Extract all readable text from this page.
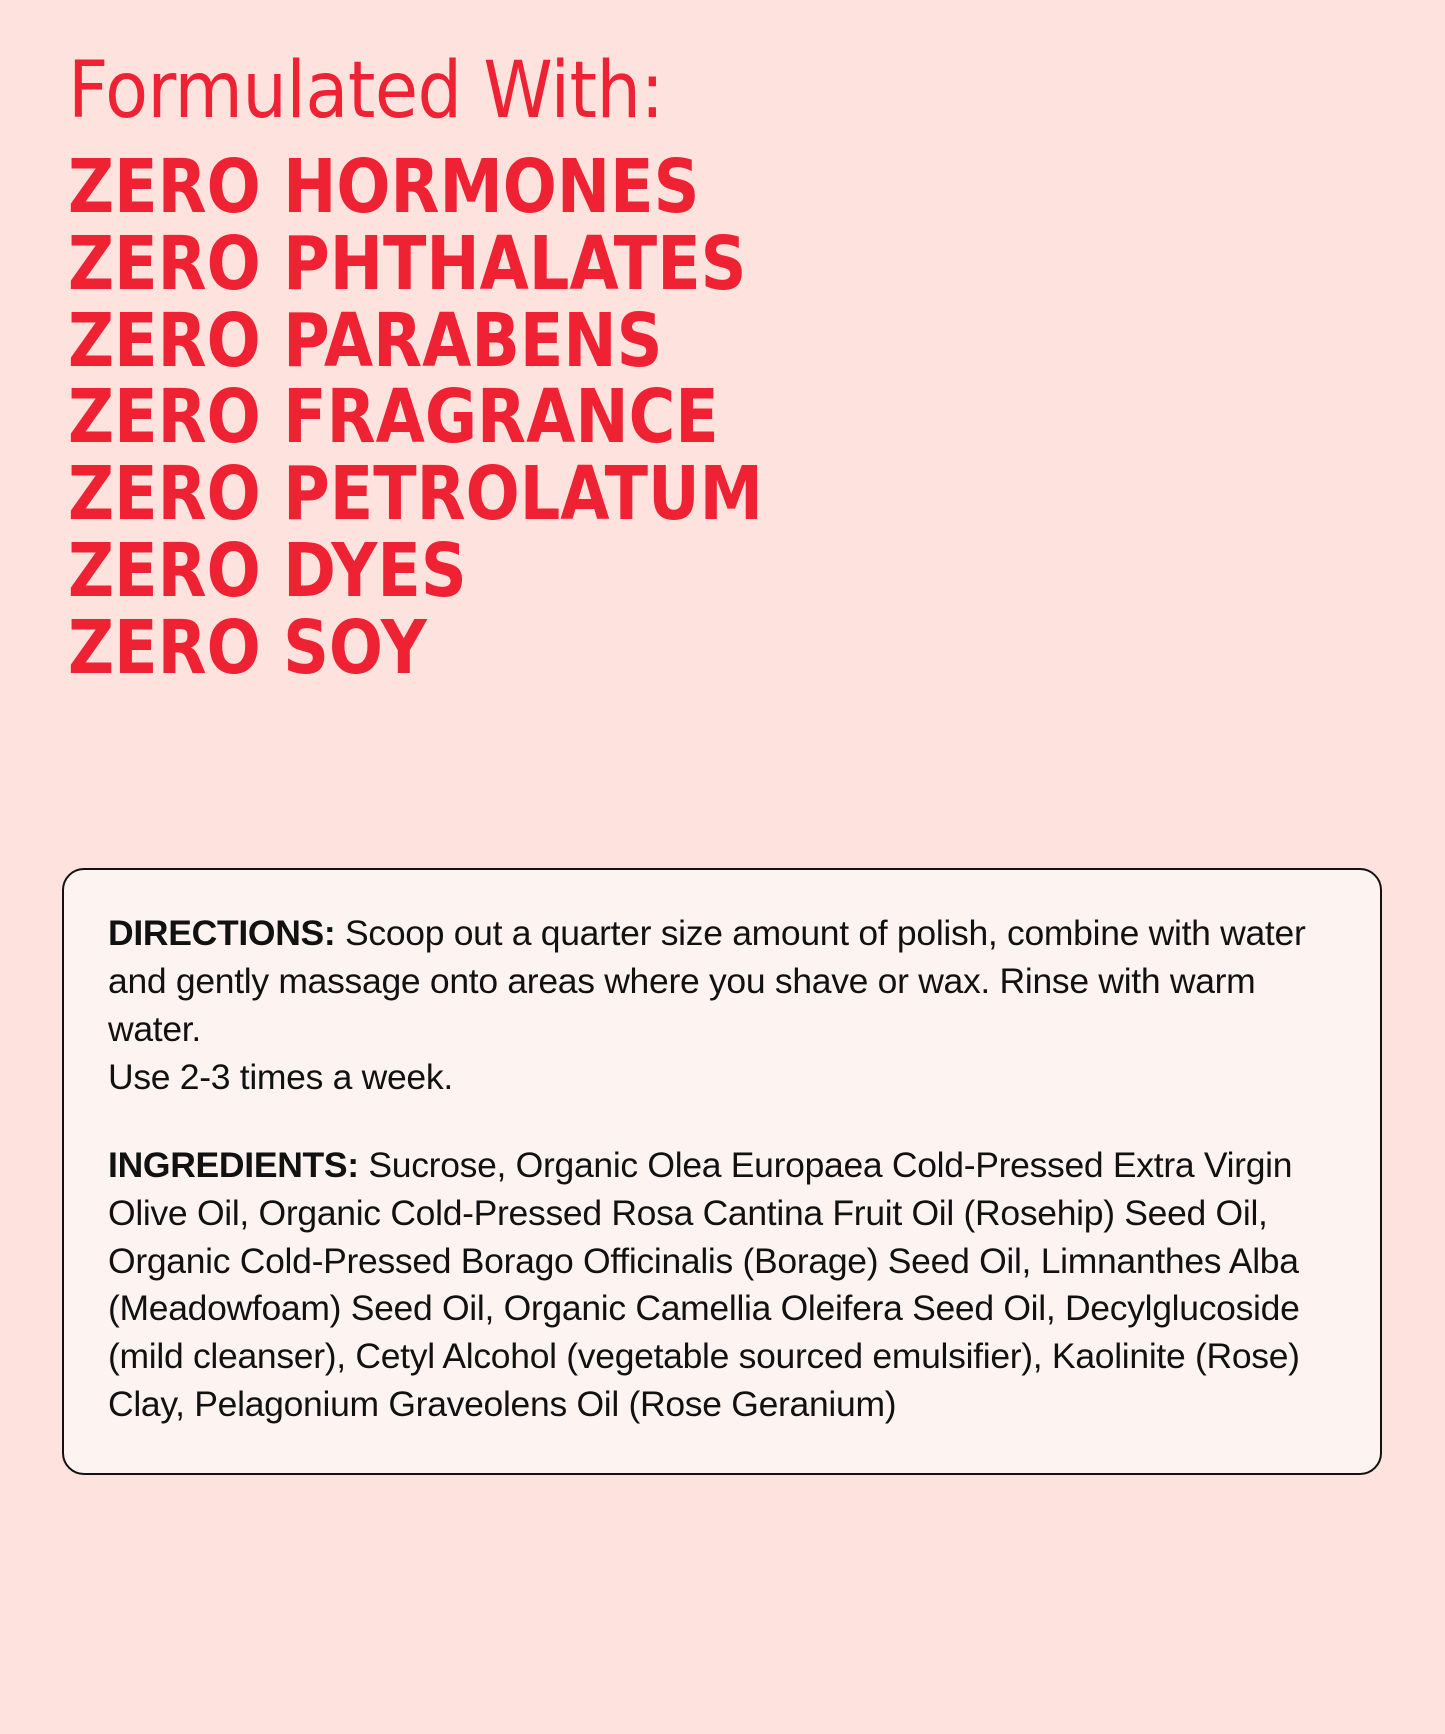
Formulated With:
ZERO HORMONES
ZERO PHTHALATES
ZERO PARABENS
ZERO FRAGRANCE
ZERO PETROLATUM
ZERO DYES
ZERO SOY

DIRECTIONS: Scoop out a quarter size amount of polish, combine with water and gently massage onto areas where you shave or wax. Rinse with warm water.

Use 2-3 times a week.

INGREDIENTS: Sucrose, Organic Olea Europaea Cold-Pressed Extra Virgin Olive Oil, Organic Cold-Pressed Rosa Cantina Fruit Oil (Rosehip) Seed Oil, Organic Cold-Pressed Borago Officinalis (Borage) Seed Oil, Limnanthes Alba (Meadowfoam) Seed Oil, Organic Camellia Oleifera Seed Oil, Decylglucoside (mild cleanser), Cetyl Alcohol (vegetable sourced emulsifier), Kaolinite (Rose) Clay, Pelagonium Graveolens Oil (Rose Geranium)
